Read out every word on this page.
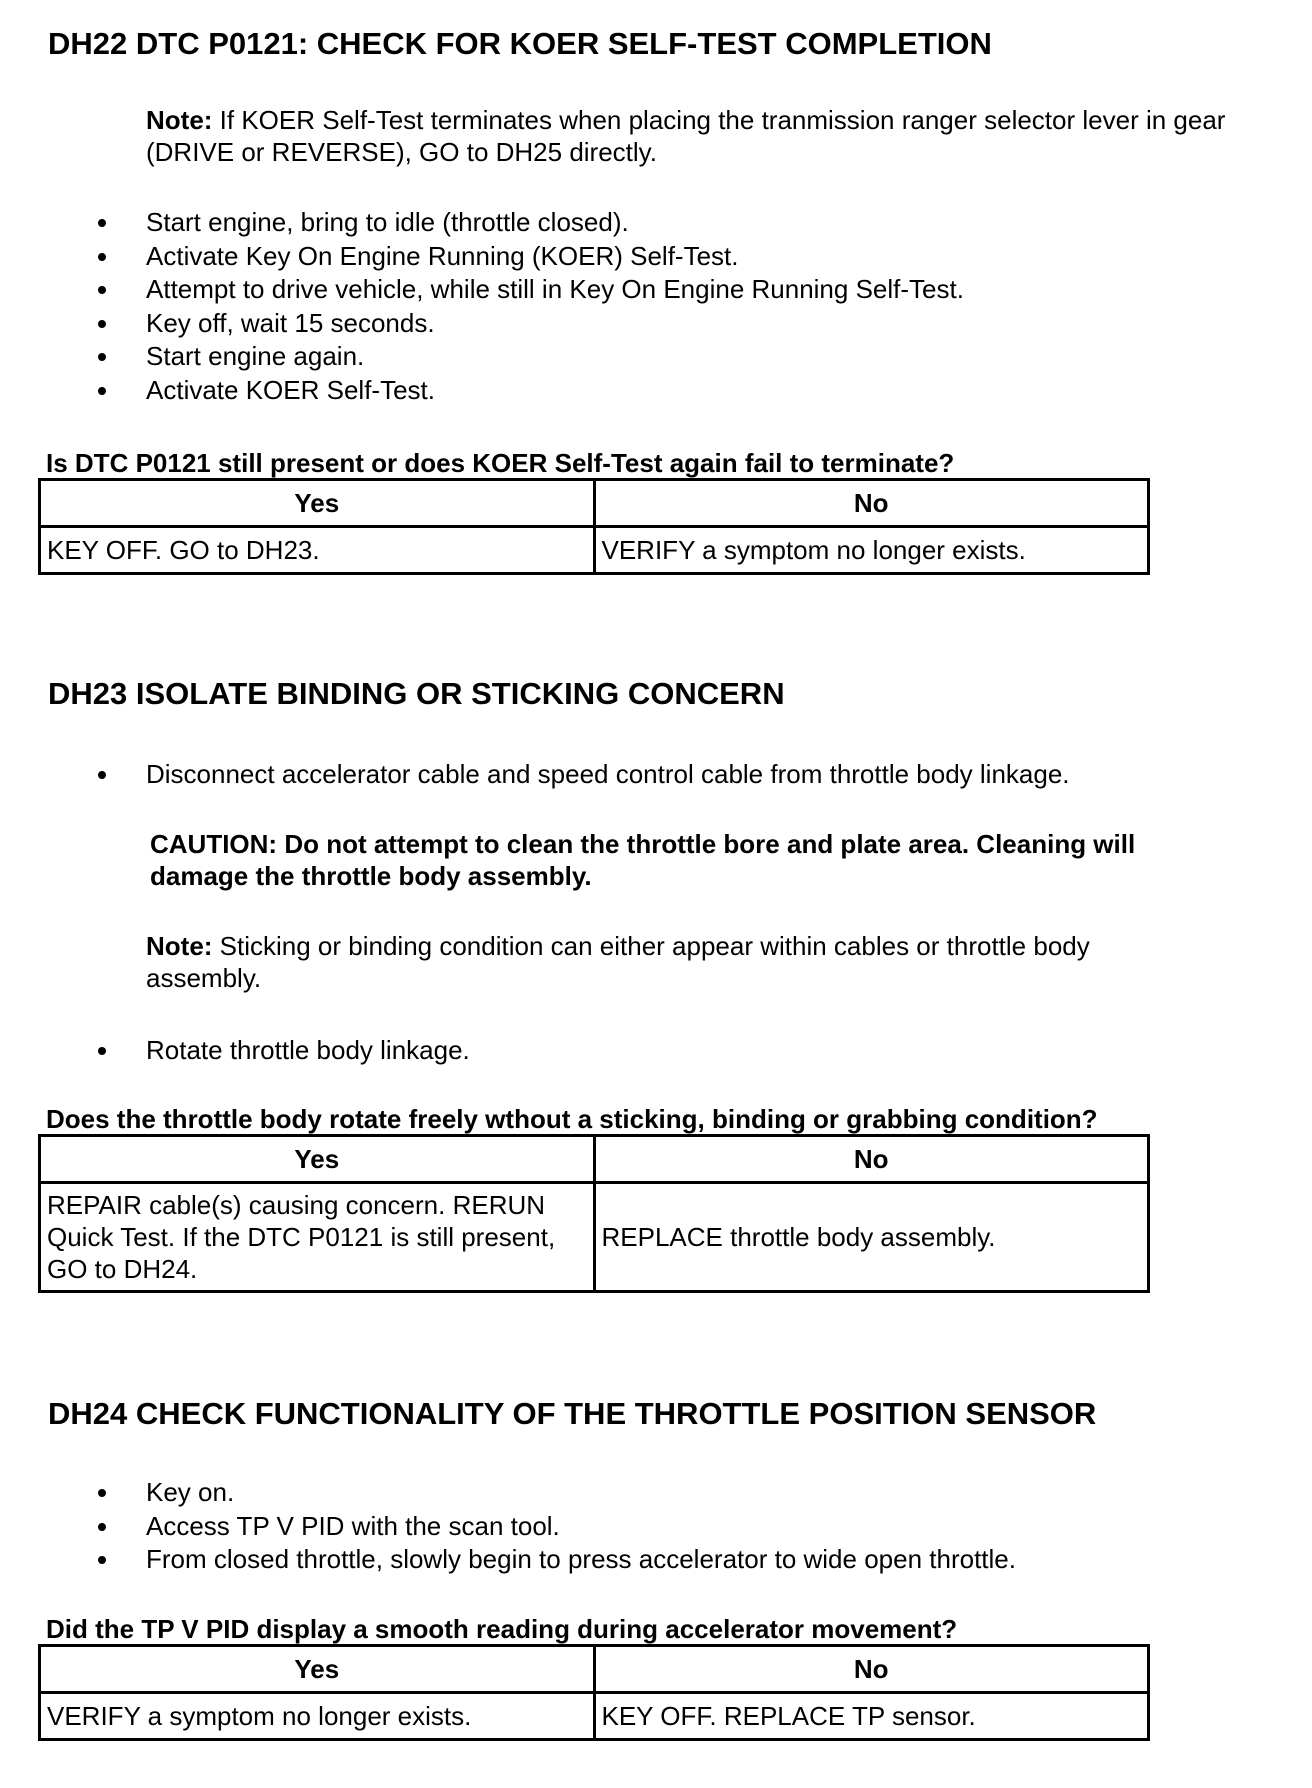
DH22 DTC P0121: CHECK FOR KOER SELF-TEST COMPLETION
Note: If KOER Self-Test terminates when placing the tranmission ranger selector lever in gear (DRIVE or REVERSE), GO to DH25 directly.
Start engine, bring to idle (throttle closed).
Activate Key On Engine Running (KOER) Self-Test.
Attempt to drive vehicle, while still in Key On Engine Running Self-Test.
Key off, wait 15 seconds.
Start engine again.
Activate KOER Self-Test.
Is DTC P0121 still present or does KOER Self-Test again fail to terminate?
Yes	No
KEY OFF. GO to DH23.	VERIFY a symptom no longer exists.
DH23 ISOLATE BINDING OR STICKING CONCERN
Disconnect accelerator cable and speed control cable from throttle body linkage.
CAUTION: Do not attempt to clean the throttle bore and plate area. Cleaning will damage the throttle body assembly.
Note: Sticking or binding condition can either appear within cables or throttle body assembly.
Rotate throttle body linkage.
Does the throttle body rotate freely wthout a sticking, binding or grabbing condition?
Yes	No
REPAIR cable(s) causing concern. RERUN Quick Test. If the DTC P0121 is still present, GO to DH24.	REPLACE throttle body assembly.
DH24 CHECK FUNCTIONALITY OF THE THROTTLE POSITION SENSOR
Key on.
Access TP V PID with the scan tool.
From closed throttle, slowly begin to press accelerator to wide open throttle.
Did the TP V PID display a smooth reading during accelerator movement?
Yes	No
VERIFY a symptom no longer exists.	KEY OFF. REPLACE TP sensor.
